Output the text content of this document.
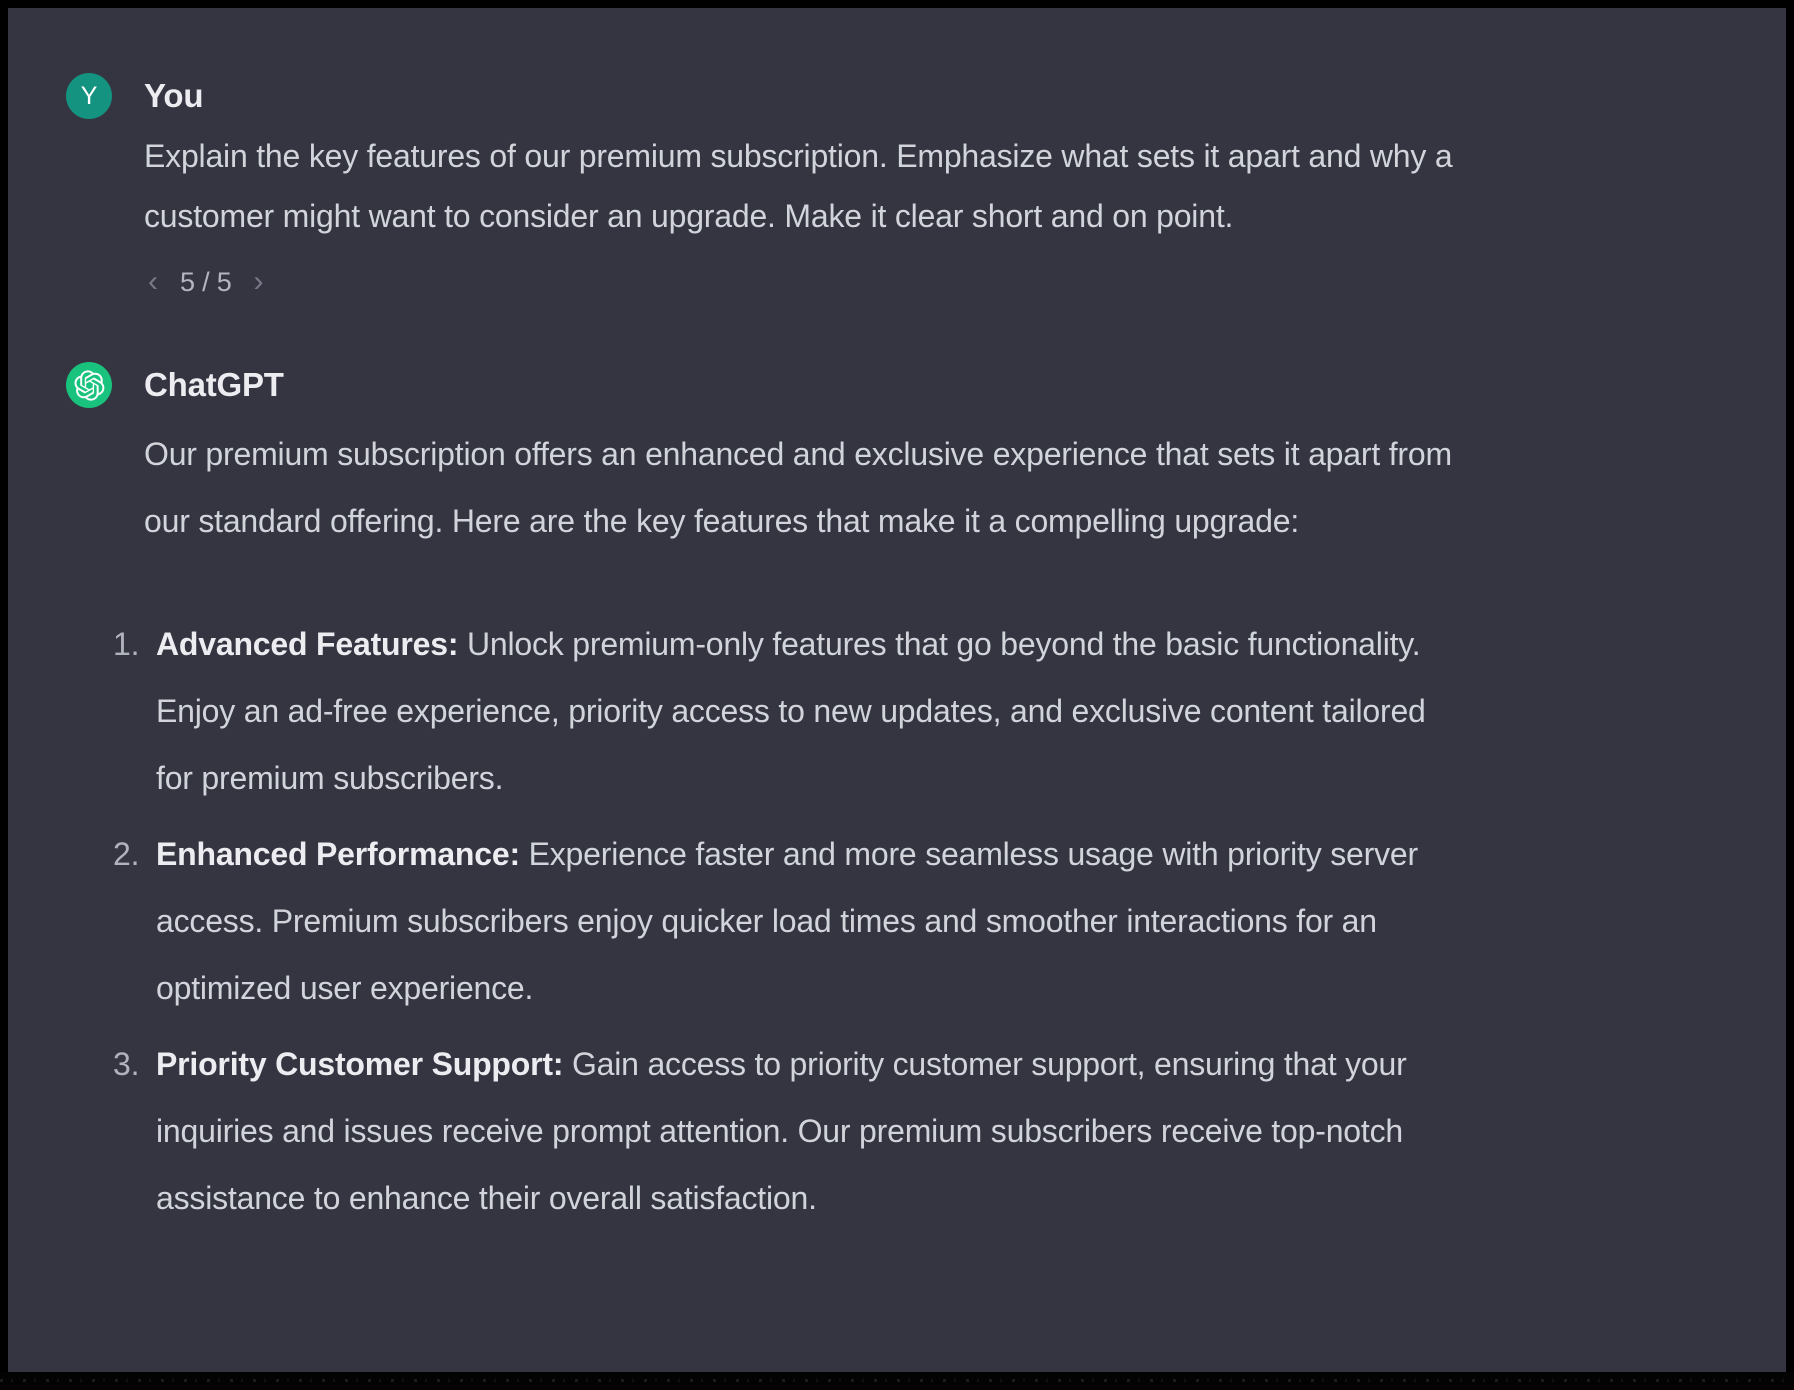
Y You
Explain the key features of our premium subscription. Emphasize what sets it apart and why a customer might want to consider an upgrade. Make it clear short and on point.
‹ 5 / 5 ›
ChatGPT
Our premium subscription offers an enhanced and exclusive experience that sets it apart from our standard offering. Here are the key features that make it a compelling upgrade:
1. Advanced Features: Unlock premium-only features that go beyond the basic functionality. Enjoy an ad-free experience, priority access to new updates, and exclusive content tailored for premium subscribers.
2. Enhanced Performance: Experience faster and more seamless usage with priority server access. Premium subscribers enjoy quicker load times and smoother interactions for an optimized user experience.
3. Priority Customer Support: Gain access to priority customer support, ensuring that your inquiries and issues receive prompt attention. Our premium subscribers receive top-notch assistance to enhance their overall satisfaction.
